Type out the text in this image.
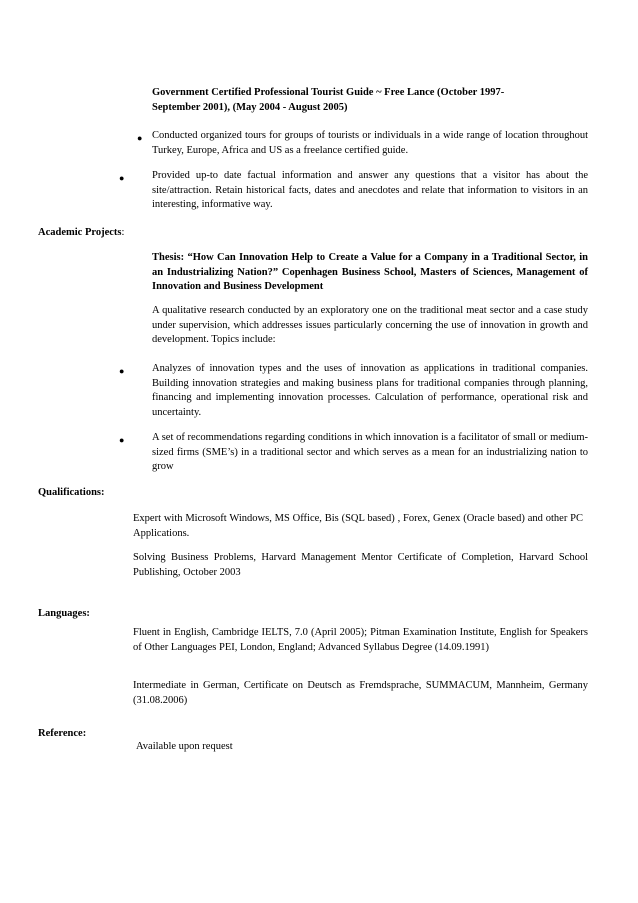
Government Certified Professional Tourist Guide ~ Free Lance (October 1997-
September 2001), (May 2004 - August 2005)
● Conducted organized tours for groups of tourists or individuals in a wide range of location throughout Turkey, Europe, Africa and US as a freelance certified guide.
●	Provided up-to date factual information and answer any questions that a visitor has about the site/attraction. Retain historical facts, dates and anecdotes and relate that information to visitors in an interesting, informative way.
Academic Projects:
Thesis: “How Can Innovation Help to Create a Value for a Company in a Traditional Sector, in an Industrializing Nation?” Copenhagen Business School, Masters of Sciences, Management of Innovation and Business Development
A qualitative research conducted by an exploratory one on the traditional meat sector and a case study under supervision, which addresses issues particularly concerning the use of innovation in growth and development. Topics include:
●	Analyzes of innovation types and the uses of innovation as applications in traditional companies. Building innovation strategies and making business plans for traditional companies through planning, financing and implementing innovation processes. Calculation of performance, operational risk and uncertainty.
●	A set of recommendations regarding conditions in which innovation is a facilitator of small or medium- sized firms (SME’s) in a traditional sector and which serves as a mean for an industrializing nation to grow
Qualifications:
Expert with Microsoft Windows, MS Office, Bis (SQL based) , Forex, Genex (Oracle based) and other PC Applications.
Solving Business Problems, Harvard Management Mentor Certificate of Completion, Harvard School Publishing, October 2003
Languages:
Fluent in English, Cambridge IELTS, 7.0 (April 2005); Pitman Examination Institute, English for Speakers of Other Languages PEI, London, England; Advanced Syllabus Degree (14.09.1991)
Intermediate in German, Certificate on Deutsch as Fremdsprache, SUMMACUM, Mannheim, Germany (31.08.2006)
Reference:
Available upon request
